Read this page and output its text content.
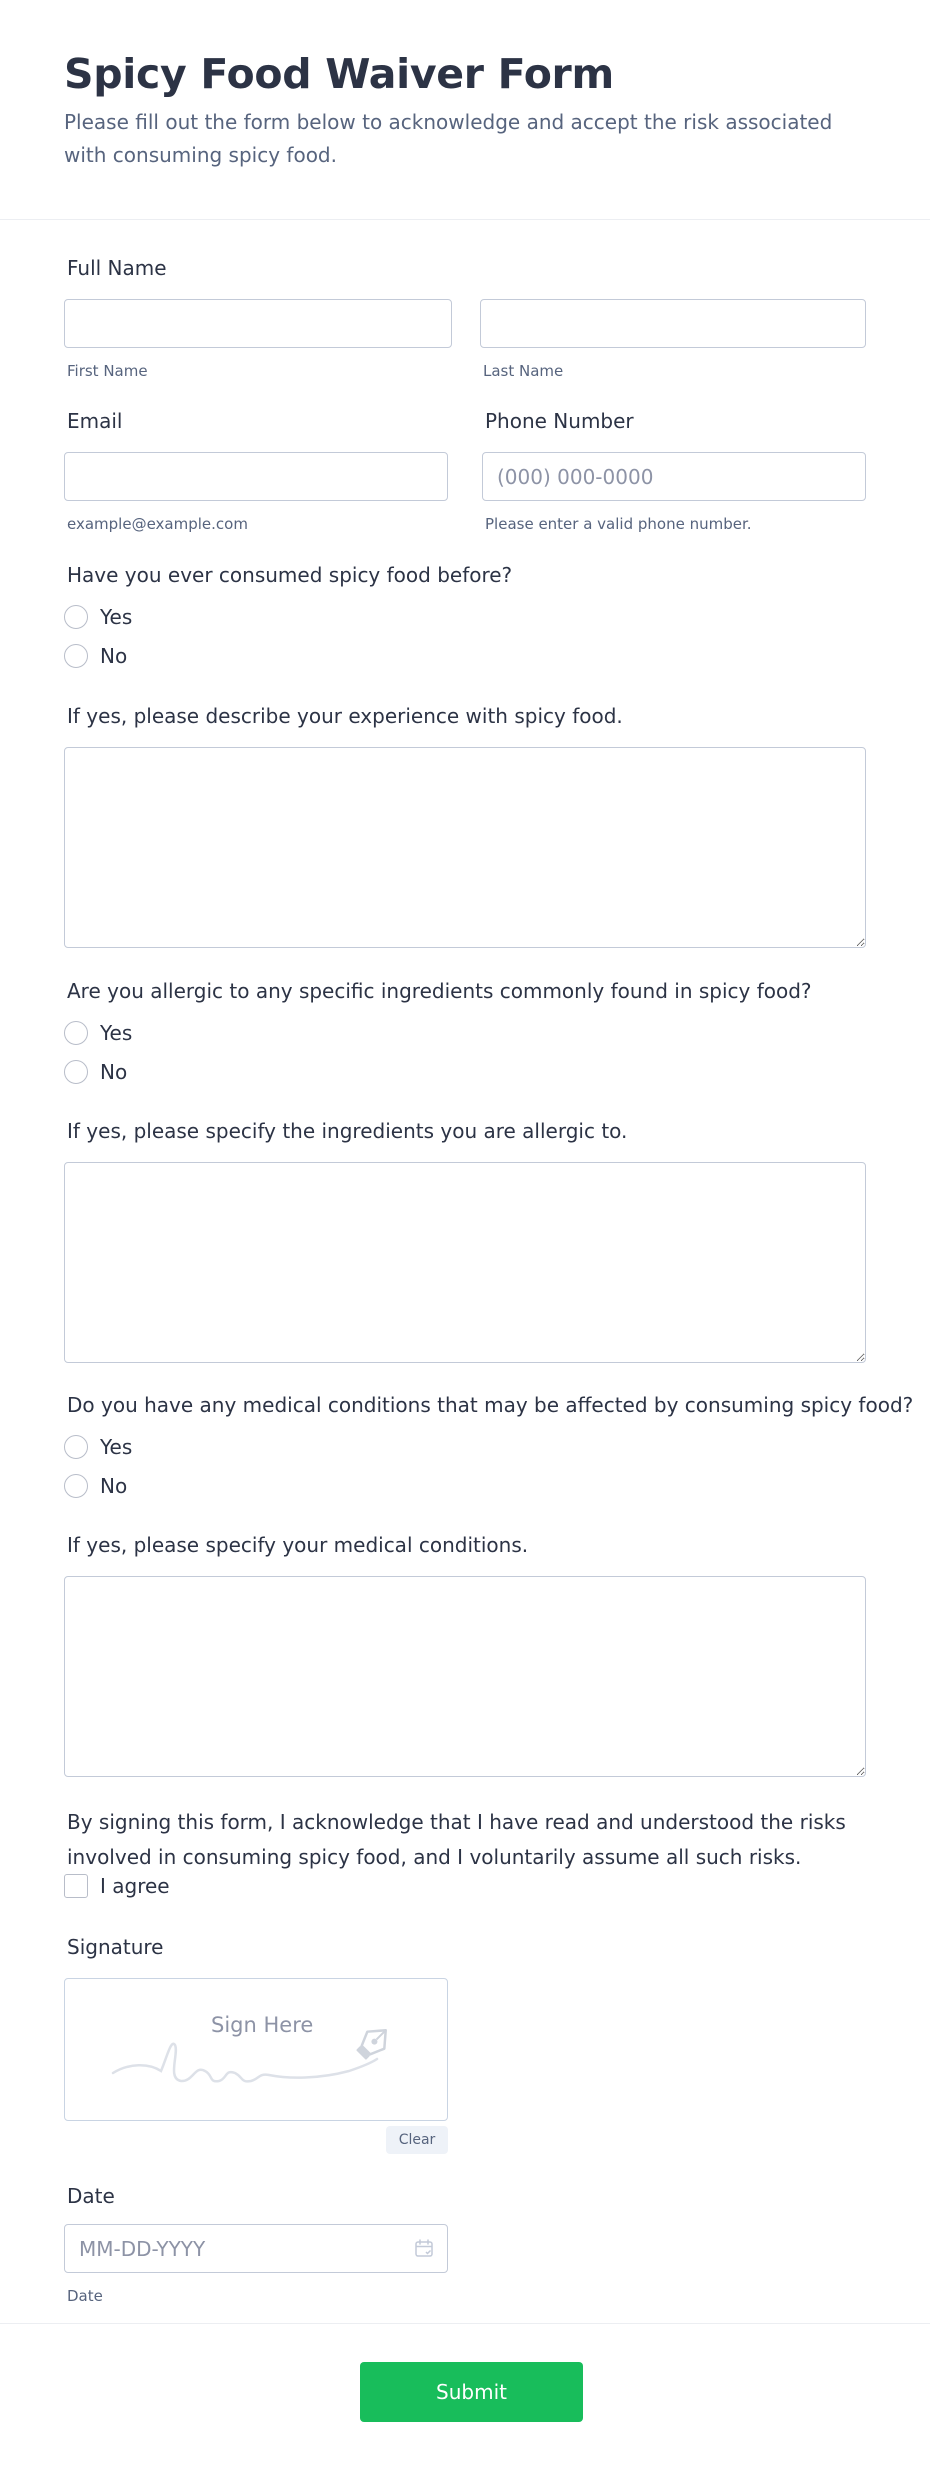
Spicy Food Waiver Form

Please fill out the form below to acknowledge and accept the risk associated with consuming spicy food.

Full Name
First Name	Last Name
Email	Phone Number
(000) 000-0000
example@example.com	Please enter a valid phone number.
Have you ever consumed spicy food before?
Yes
No
If yes, please describe your experience with spicy food.
Are you allergic to any specific ingredients commonly found in spicy food?
Yes
No
If yes, please specify the ingredients you are allergic to.
Do you have any medical conditions that may be affected by consuming spicy food?
Yes
No
If yes, please specify your medical conditions.
By signing this form, I acknowledge that I have read and understood the risks involved in consuming spicy food, and I voluntarily assume all such risks.
I agree
Signature
Sign Here
Clear
Date
MM-DD-YYYY
Date
Submit
